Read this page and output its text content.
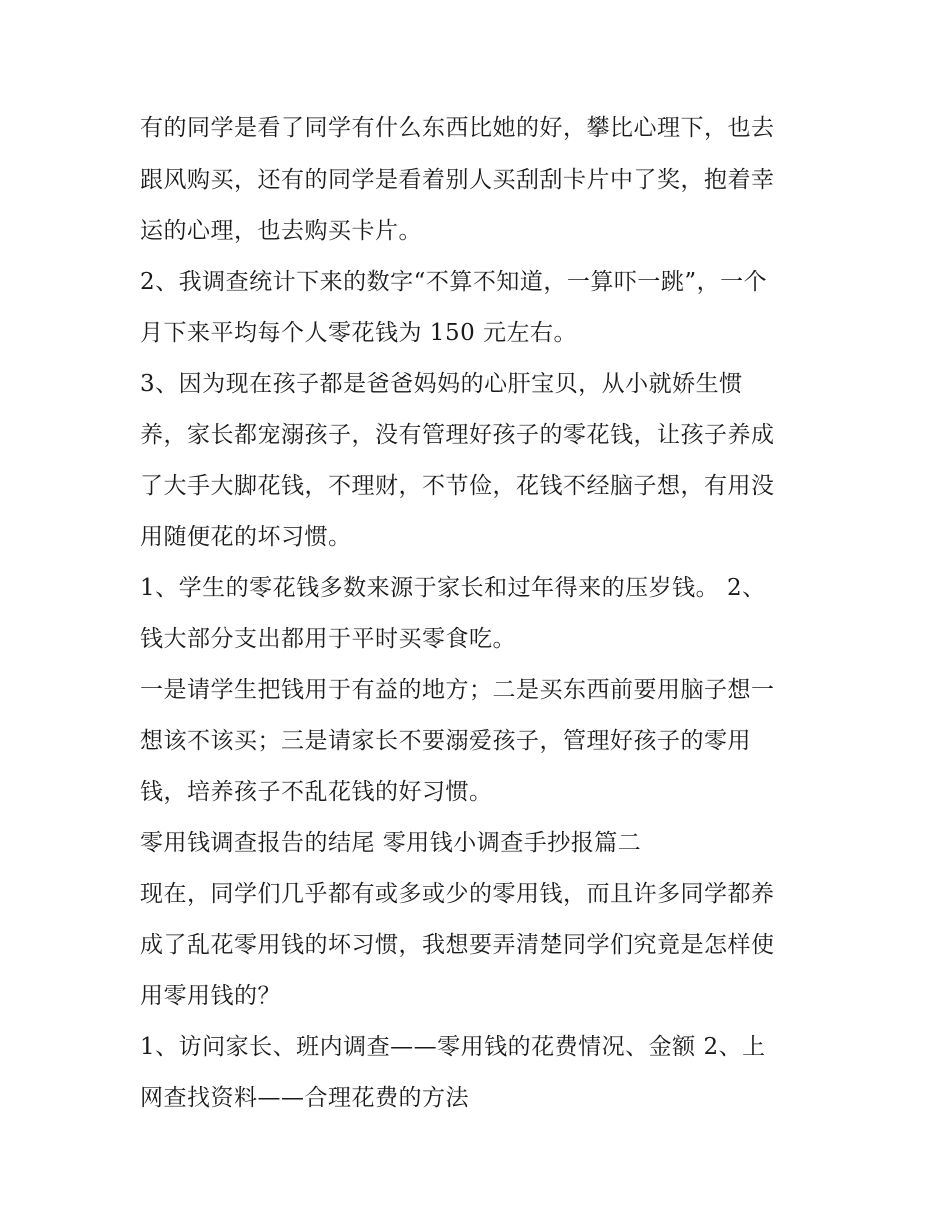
有的同学是看了同学有什么东西比她的好，攀比心理下，也去
跟风购买，还有的同学是看着别人买刮刮卡片中了奖，抱着幸
运的心理，也去购买卡片。
2、我调查统计下来的数字“不算不知道，一算吓一跳”，一个
月下来平均每个人零花钱为 150 元左右。
3、因为现在孩子都是爸爸妈妈的心肝宝贝，从小就娇生惯
养，家长都宠溺孩子，没有管理好孩子的零花钱，让孩子养成
了大手大脚花钱，不理财，不节俭，花钱不经脑子想，有用没
用随便花的坏习惯。
1、学生的零花钱多数来源于家长和过年得来的压岁钱。 2、
钱大部分支出都用于平时买零食吃。
一是请学生把钱用于有益的地方；二是买东西前要用脑子想一
想该不该买；三是请家长不要溺爱孩子，管理好孩子的零用
钱，培养孩子不乱花钱的好习惯。
零用钱调查报告的结尾 零用钱小调查手抄报篇二
现在，同学们几乎都有或多或少的零用钱，而且许多同学都养
成了乱花零用钱的坏习惯，我想要弄清楚同学们究竟是怎样使
用零用钱的？
1、访问家长、班内调查——零用钱的花费情况、金额 2、上
网查找资料——合理花费的方法
